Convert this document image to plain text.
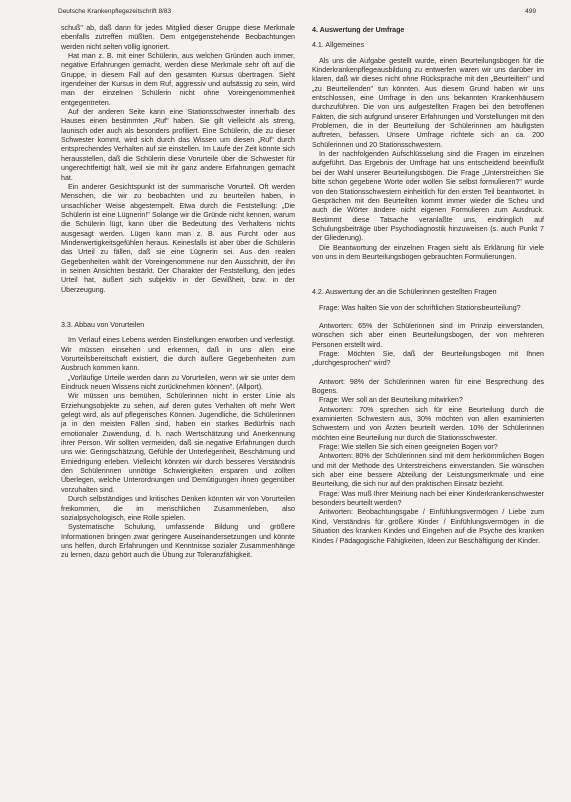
Deutsche Krankenpflegezeitschrift 8/83	499

schuß" ab, daß dann für jedes Mitglied dieser Gruppe diese Merkmale ebenfalls zutreffen müßten. Dem entgegenstehende Beobachtungen werden nicht selten völlig ignoriert.

Hat man z. B. mit einer Schülerin, aus welchen Gründen auch immer, negative Erfahrungen gemacht, werden diese Merkmale sehr oft auf die Gruppe, in diesem Fall auf den gesamten Kursus übertragen. Sieht irgendeiner der Kursus in dem Ruf, aggressiv und aufsässig zu sein, wird man der einzelnen Schülerin nicht ohne Voreingenommenheit entgegentreten.

Auf der anderen Seite kann eine Stationsschwester innerhalb des Hauses einen bestimmten „Ruf" haben. Sie gilt vielleicht als streng, launisch oder auch als besonders profiliert. Eine Schülerin, die zu dieser Schwester kommt, wird sich durch das Wissen um diesen „Ruf" durch entsprechendes Verhalten auf sie einstellen. Im Laufe der Zeit könnte sich herausstellen, daß die Schülerin diese Vorurteile über die Schwester für ungerechtfertigt hält, weil sie mit ihr ganz andere Erfahrungen gemacht hat.

Ein anderer Gesichtspunkt ist der summarische Vorurteil. Oft werden Menschen, die wir zu beobachten und zu beurteilen haben, in unsachlicher Weise abgestempelt. Etwa durch die Feststellung: „Die Schülerin ist eine Lügnerin!" Solange wir die Gründe nicht kennen, warum die Schülerin lügt, kann über die Bedeutung des Verhaltens nichts ausgesagt werden. Lügen kann man z. B. aus Furcht oder aus Minderwertigkeitsgefühlen heraus. Keinesfalls ist aber über die Schülerin das Urteil zu fällen, daß sie eine Lügnerin sei. Aus den realen Gegebenheiten wählt der Voreingenommene nur den Ausschnitt, der ihn in seinen Ansichten bestärkt. Der Charakter der Feststellung, den jedes Urteil hat, äußert sich subjektiv in der Gewißheit, bzw. in der Überzeugung.

3.3. Abbau von Vorurteilen

Im Verlauf eines Lebens werden Einstellungen erworben und verfestigt. Wir müssen einsehen und erkennen, daß in uns allen eine Vorurteilsbereitschaft existiert, die durch äußere Gegebenheiten zum Ausbruch kommen kann.

„Vorläufige Urteile werden dann zu Vorurteilen, wenn wir sie unter dem Eindruck neuen Wissens nicht zurücknehmen können". (Allport).

Wir müssen uns bemühen, Schülerinnen nicht in erster Linie als Erziehungsobjekte zu sehen, auf deren gutes Verhalten oft mehr Wert gelegt wird, als auf pflegerisches Können. Jugendliche, die Schülerinnen ja in den meisten Fällen sind, haben ein starkes Bedürfnis nach emotionaler Zuwendung, d. h. nach Wertschätzung und Anerkennung ihrer Person. Wir sollten vermeiden, daß sie negative Erfahrungen durch uns wie: Geringschätzung, Gefühle der Unterlegenheit, Beschämung und Erniedrigung erleben. Vielleicht könnten wir durch besseres Verständnis den Schülerinnen unnötige Schwierigkeiten ersparen und zollten Überlegen, welche Unterordnungen und Demütigungen ihnen gegenüber vorzuhalten sind.

Durch selbständiges und kritisches Denken könnten wir von Vorurteilen freikommen, die im menschlichen Zusammenleben, also sozialpsychologisch, eine Rolle spielen.

Systematische Schulung, umfassende Bildung und größere Informationen bringen zwar geringere Auseinandersetzungen und könnte uns helfen, durch Erfahrungen und Kenntnisse sozialer Zusammenhänge zu lernen, dazu gehört auch die Übung zur Toleranzfähigkeit.

4. Auswertung der Umfrage

4.1. Allgemeines

Als uns die Aufgabe gestellt wurde, einen Beurteilungsbogen für die Kinderkrankenpflegeausbildung zu entwerfen waren wir uns darüber im klaren, daß wir dieses nicht ohne Rücksprache mit den „Beurteilten" und „zu Beurteilenden" tun könnten. Aus diesem Grund haben wir uns entschlossen, eine Umfrage in den uns bekannten Krankenhäusern durchzuführen. Die von uns aufgestellten Fragen bei den betroffenen Fakten, die sich aufgrund unserer Erfahrungen und Vorstellungen mit den Problemen, die in der Beurteilung der Schülerinnen am häufigsten auftreten, befassen. Unsere Umfrage richtete sich an ca. 200 Schülerinnen und 20 Stationsschwestern.

In der nachfolgenden Aufschlüsselung sind die Fragen im einzelnen aufgeführt. Das Ergebnis der Umfrage hat uns entscheidend beeinflußt bei der Wahl unserer Beurteilungsbögen. Die Frage „Unterstreichen Sie bitte schon gegebene Worte oder wollen Sie selbst formulieren?" wurde von den Stationsschwestern einheitlich für den ersten Teil beantwortet. In Gesprächen mit den Beurteilten kommt immer wieder die Scheu und auch die Wörter ändere nicht eigenen Formulieren zum Ausdruck. Bestimmt diese Tatsache veranlaßte uns, eindringlich auf Schulungsbeiträge über Psychodiagnostik hinzuweisen (s. auch Punkt 7 der Gliederung).

Die Beantwortung der einzelnen Fragen sieht als Erklärung für viele von uns in dem Beurteilungsbogen gebrauchten Formulierungen.

4.2. Auswertung der an die Schülerinnen gestellten Fragen

Frage: Was halten Sie von der schriftlichen Stationsbeurteilung?

Antworten: 65% der Schülerinnen sind im Prinzip einverstanden, wünschen sich aber einen Beurteilungsbogen, der von mehreren Personen erstellt wird.

Frage: Möchten Sie, daß der Beurteilungsbogen mit Ihnen „durchgesprochen" wird?

Antwort: 98% der Schülerinnen waren für eine Besprechung des Bogens.

Frage: Wer soll an der Beurteilung mitwirken?

Antworten: 70% sprechen sich für eine Beurteilung durch die examinierten Schwestern aus, 30% möchten von allen examinierten Schwestern und von Ärzten beurteilt werden. 10% der Schülerinnen möchten eine Beurteilung nur durch die Stationsschwester.

Frage: Wie stellen Sie sich einen geeigneten Bogen vor?

Antworten: 80% der Schülerinnen sind mit dem herkömmlichen Bogen und mit der Methode des Unterstreichens einverstanden. Sie wünschen sich aber eine bessere Abteilung der Leistungsmerkmale und eine Beurteilung, die sich nur auf den praktischen Einsatz bezieht.

Frage: Was muß Ihrer Meinung nach bei einer Kinderkrankenschwester besonders beurteilt werden?

Antworten: Beobachtungsgabe / Einfühlungsvermögen / Liebe zum Kind, Verständnis für größere Kinder / Einfühlungsvermögen in die Situation des kranken Kindes und Eingehen auf die Psyche des kranken Kindes / Pädagogische Fähigkeiten, Ideen zur Beschäftigung der Kinder.
